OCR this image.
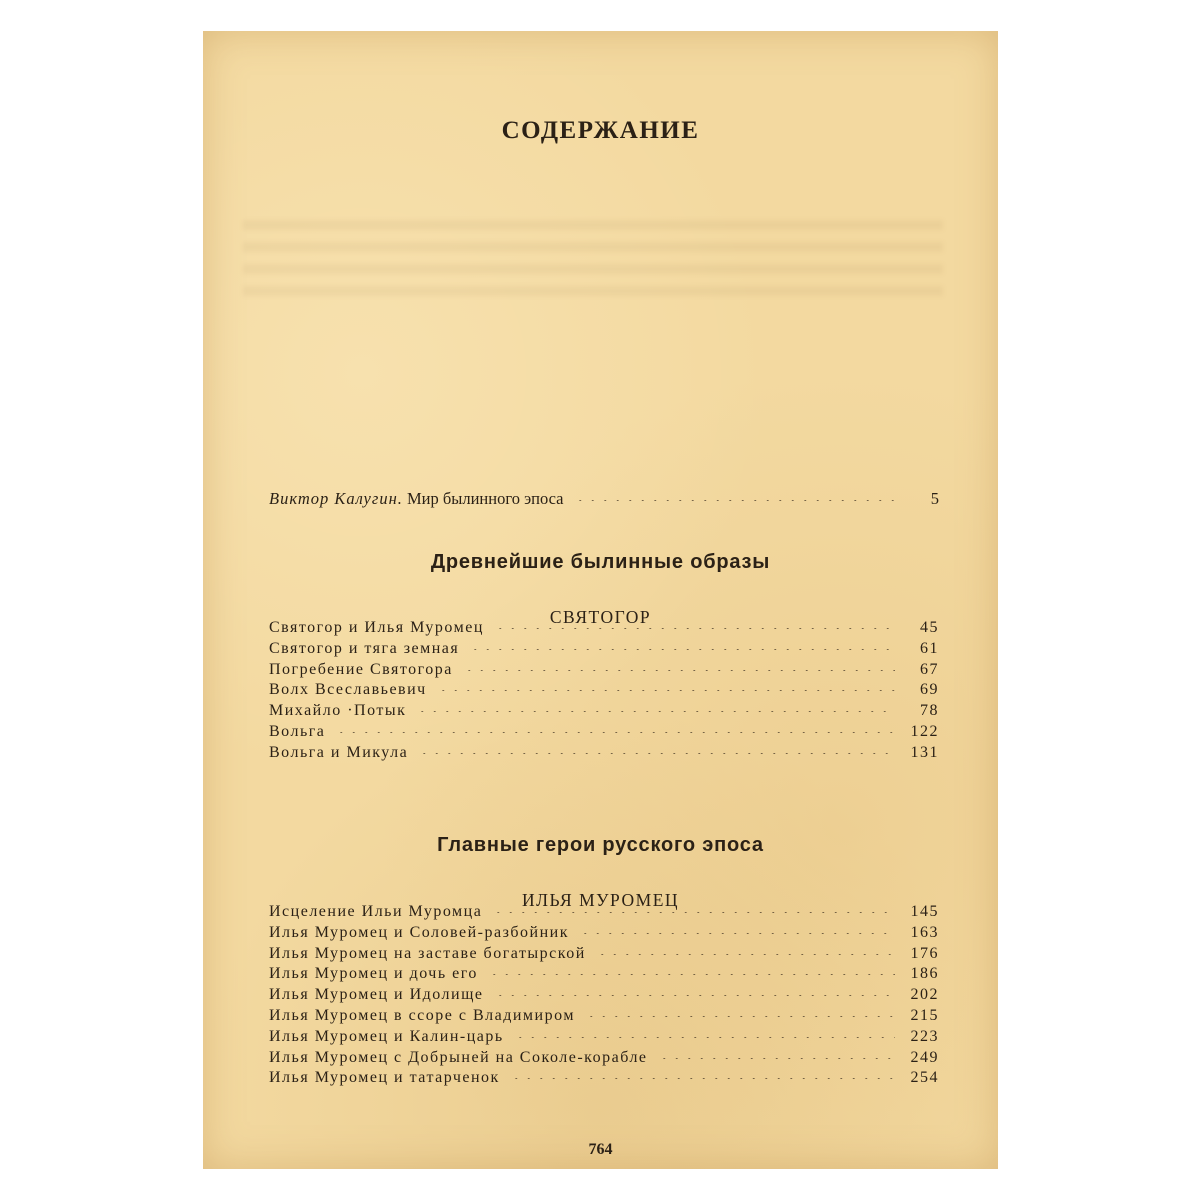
СОДЕРЖАНИЕ
Виктор Калугин. Мир былинного эпоса	5
Древнейшие былинные образы
СВЯТОГОР
Святогор и Илья Муромец	45
Святогор и тяга земная	61
Погребение Святогора	67
Волх Всеславьевич	69
Михайло ·Потык	78
Вольга	122
Вольга и Микула	131
Главные герои русского эпоса
ИЛЬЯ МУРОМЕЦ
Исцеление Ильи Муромца	145
Илья Муромец и Соловей-разбойник	163
Илья Муромец на заставе богатырской	176
Илья Муромец и дочь его	186
Илья Муромец и Идолище	202
Илья Муромец в ссоре с Владимиром	215
Илья Муромец и Калин-царь	223
Илья Муромец с Добрыней на Соколе-корабле	249
Илья Муромец и татарченок	254
764
